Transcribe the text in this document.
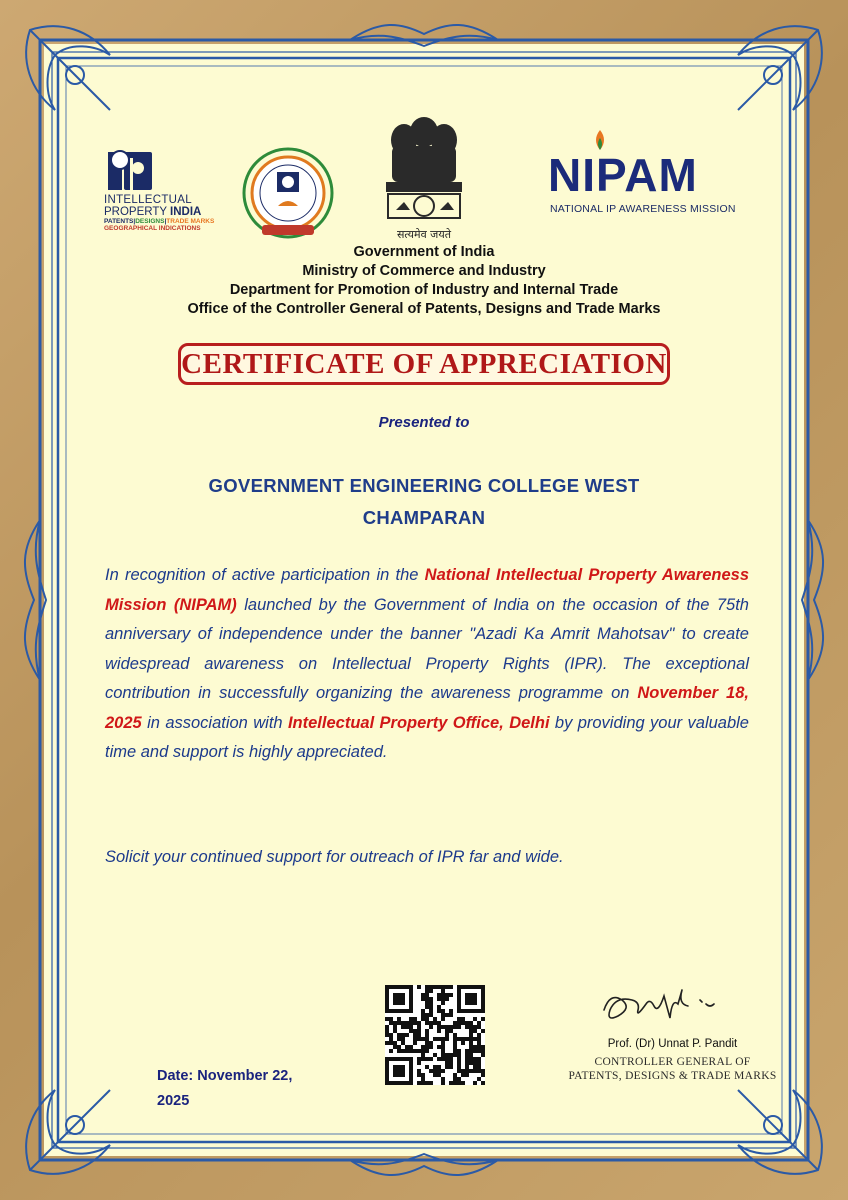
INTELLECTUAL
PROPERTY INDIA
PATENTS|DESIGNS|TRADE MARKS
GEOGRAPHICAL INDICATIONS	सत्यमेव जयते
NIPAM
NATIONAL IP AWARENESS MISSION
Government of India
Ministry of Commerce and Industry
Department for Promotion of Industry and Internal Trade
Office of the Controller General of Patents, Designs and Trade Marks
CERTIFICATE OF APPRECIATION
Presented to
GOVERNMENT ENGINEERING COLLEGE WEST
CHAMPARAN
In recognition of active participation in the National Intellectual Property Awareness Mission (NIPAM) launched by the Government of India on the occasion of the 75th anniversary of independence under the banner "Azadi Ka Amrit Mahotsav" to create widespread awareness on Intellectual Property Rights (IPR). The exceptional contribution in successfully organizing the awareness programme on November 18, 2025 in association with Intellectual Property Office, Delhi by providing your valuable time and support is highly appreciated.
Solicit your continued support for outreach of IPR far and wide.
Prof. (Dr) Unnat P. Pandit
CONTROLLER GENERAL OF
PATENTS, DESIGNS & TRADE MARKS
Date: November 22,
2025
